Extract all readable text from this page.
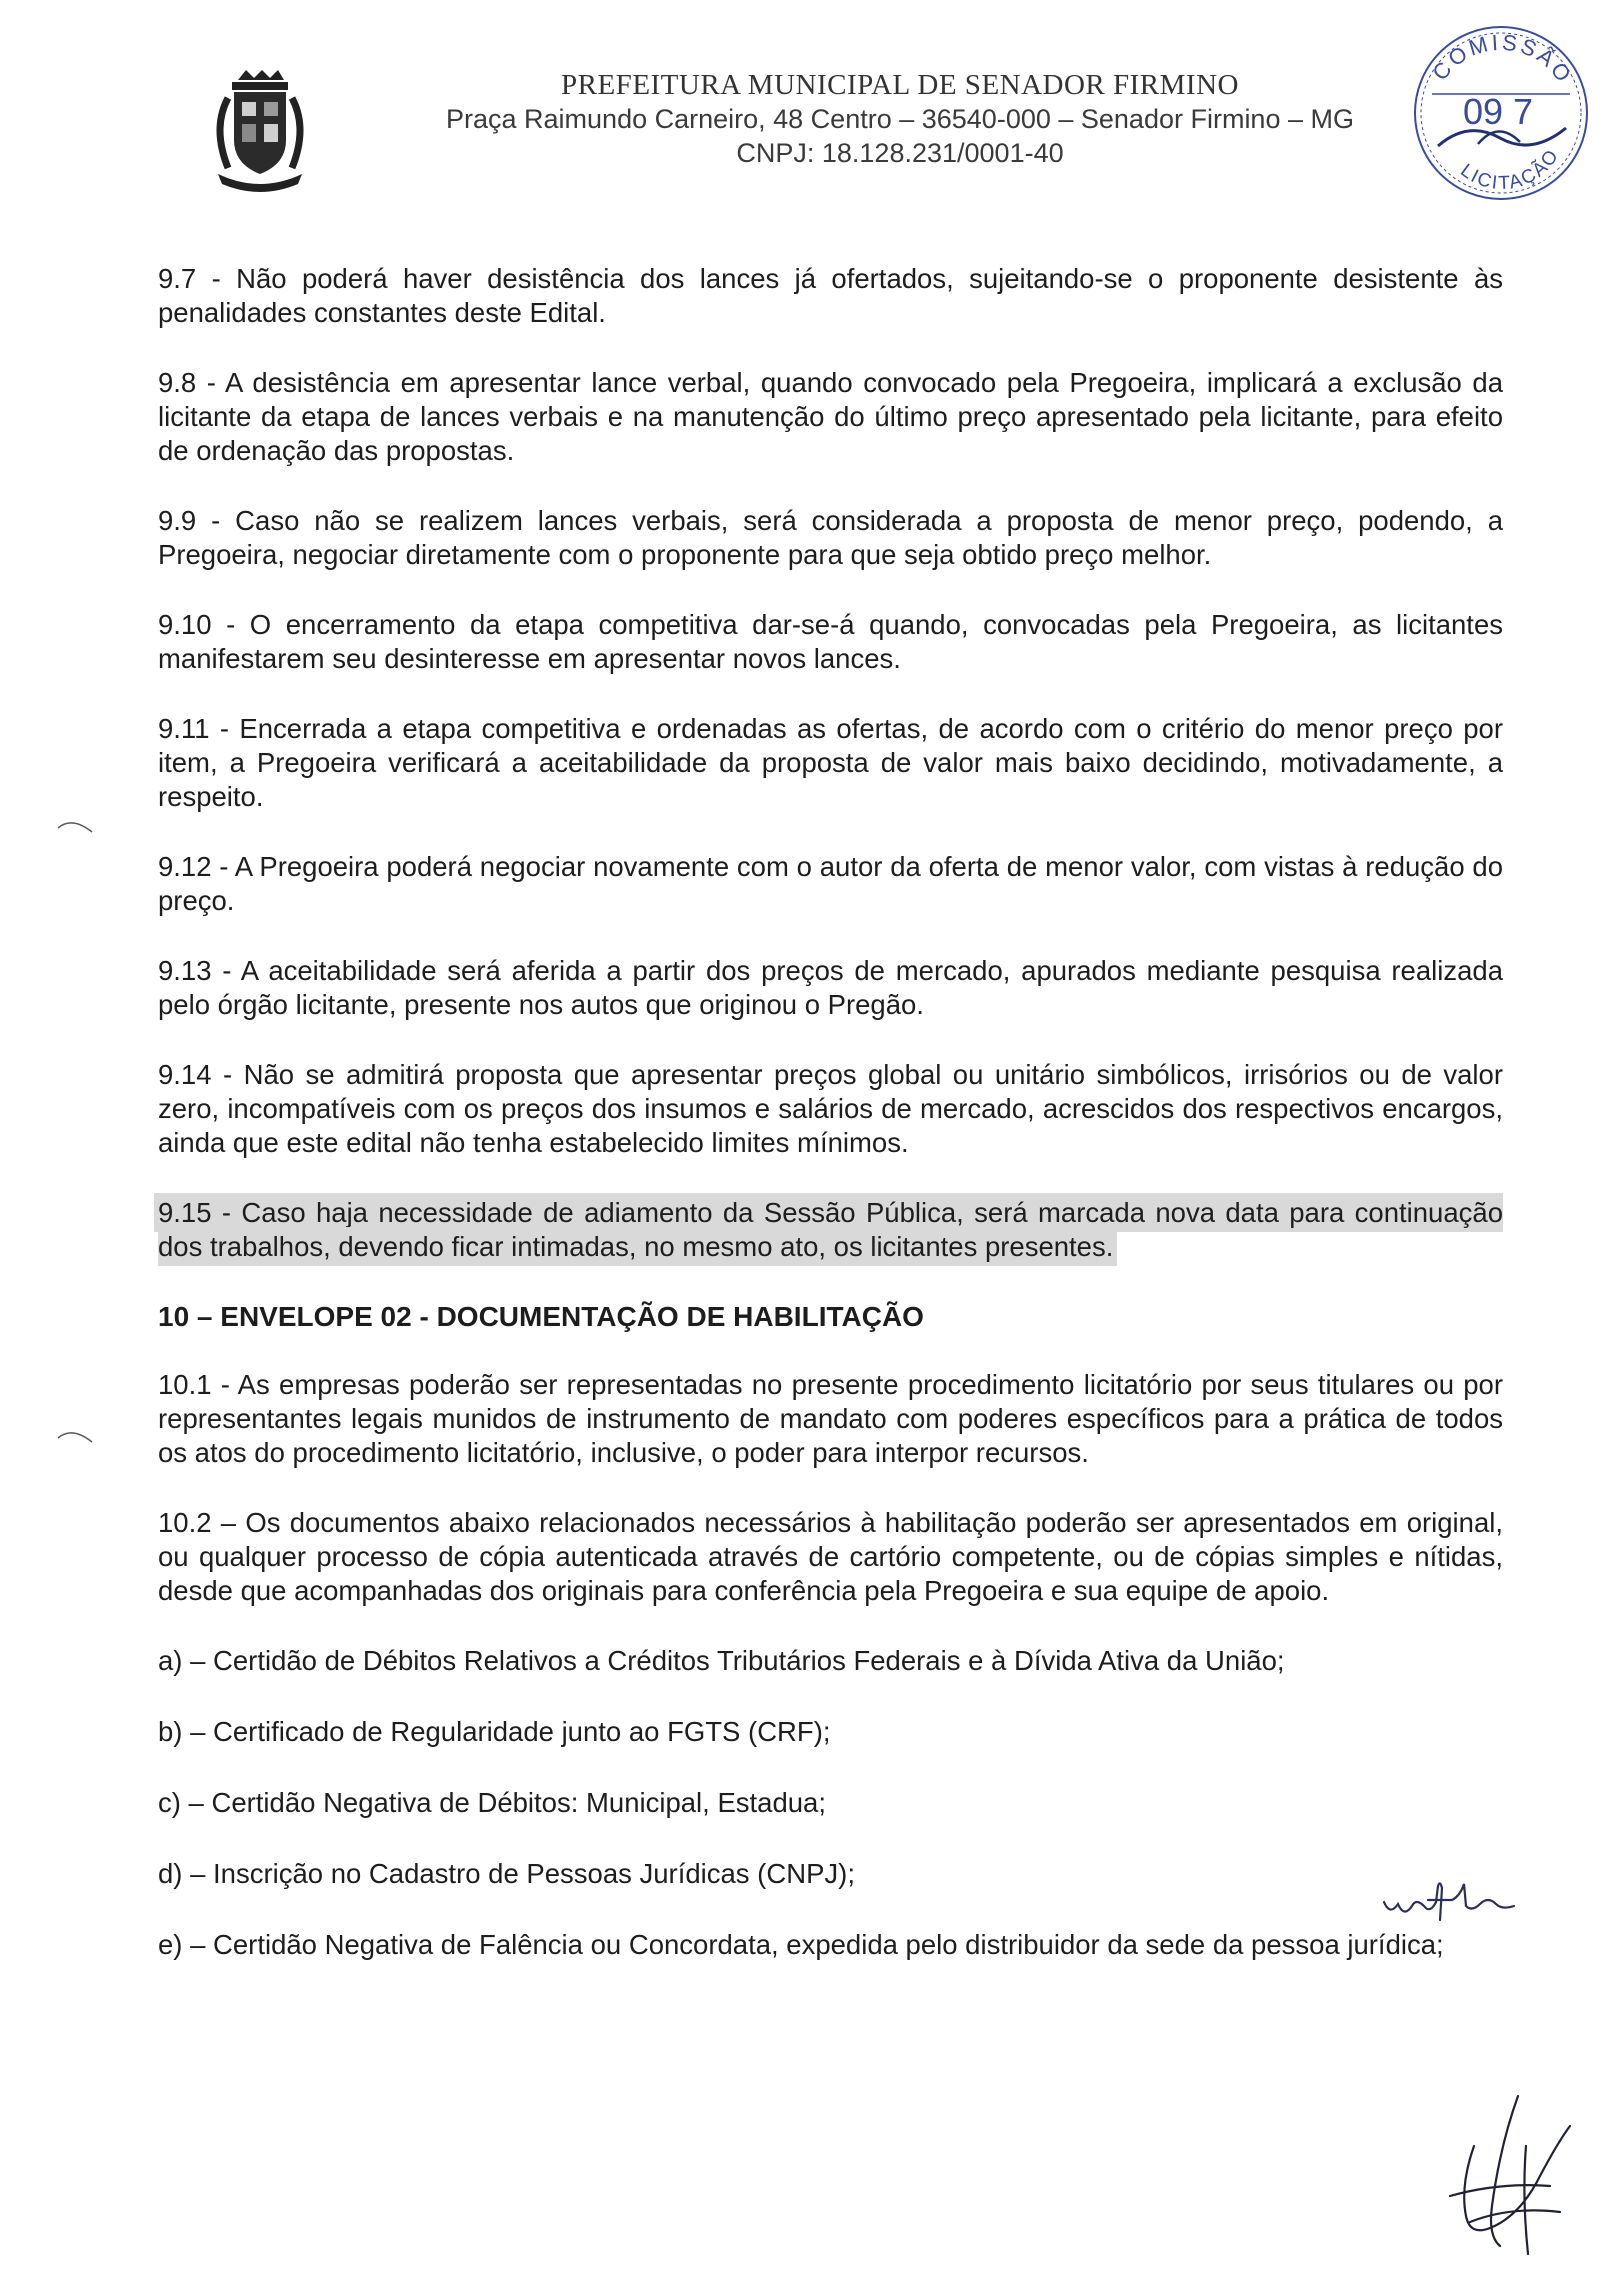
PREFEITURA MUNICIPAL DE SENADOR FIRMINO
Praça Raimundo Carneiro, 48 Centro – 36540-000 – Senador Firmino – MG
CNPJ: 18.128.231/0001-40
COMISSÃO
LICITAÇÃO
09 7

9.7 - Não poderá haver desistência dos lances já ofertados, sujeitando-se o proponente desistente às penalidades constantes deste Edital.

9.8 - A desistência em apresentar lance verbal, quando convocado pela Pregoeira, implicará a exclusão da licitante da etapa de lances verbais e na manutenção do último preço apresentado pela licitante, para efeito de ordenação das propostas.

9.9 - Caso não se realizem lances verbais, será considerada a proposta de menor preço, podendo, a Pregoeira, negociar diretamente com o proponente para que seja obtido preço melhor.

9.10 - O encerramento da etapa competitiva dar-se-á quando, convocadas pela Pregoeira, as licitantes manifestarem seu desinteresse em apresentar novos lances.

9.11 - Encerrada a etapa competitiva e ordenadas as ofertas, de acordo com o critério do menor preço por item, a Pregoeira verificará a aceitabilidade da proposta de valor mais baixo decidindo, motivadamente, a respeito.

9.12 - A Pregoeira poderá negociar novamente com o autor da oferta de menor valor, com vistas à redução do preço.

9.13 - A aceitabilidade será aferida a partir dos preços de mercado, apurados mediante pesquisa realizada pelo órgão licitante, presente nos autos que originou o Pregão.

9.14 - Não se admitirá proposta que apresentar preços global ou unitário simbólicos, irrisórios ou de valor zero, incompatíveis com os preços dos insumos e salários de mercado, acrescidos dos respectivos encargos, ainda que este edital não tenha estabelecido limites mínimos.

9.15 - Caso haja necessidade de adiamento da Sessão Pública, será marcada nova data para continuação dos trabalhos, devendo ficar intimadas, no mesmo ato, os licitantes presentes.

10 – ENVELOPE 02 - DOCUMENTAÇÃO DE HABILITAÇÃO

10.1 - As empresas poderão ser representadas no presente procedimento licitatório por seus titulares ou por representantes legais munidos de instrumento de mandato com poderes específicos para a prática de todos os atos do procedimento licitatório, inclusive, o poder para interpor recursos.

10.2 – Os documentos abaixo relacionados necessários à habilitação poderão ser apresentados em original, ou qualquer processo de cópia autenticada através de cartório competente, ou de cópias simples e nítidas, desde que acompanhadas dos originais para conferência pela Pregoeira e sua equipe de apoio.

a) – Certidão de Débitos Relativos a Créditos Tributários Federais e à Dívida Ativa da União;

b) – Certificado de Regularidade junto ao FGTS (CRF);

c) – Certidão Negativa de Débitos: Municipal, Estadua;

d) – Inscrição no Cadastro de Pessoas Jurídicas (CNPJ);

e) – Certidão Negativa de Falência ou Concordata, expedida pelo distribuidor da sede da pessoa jurídica;
